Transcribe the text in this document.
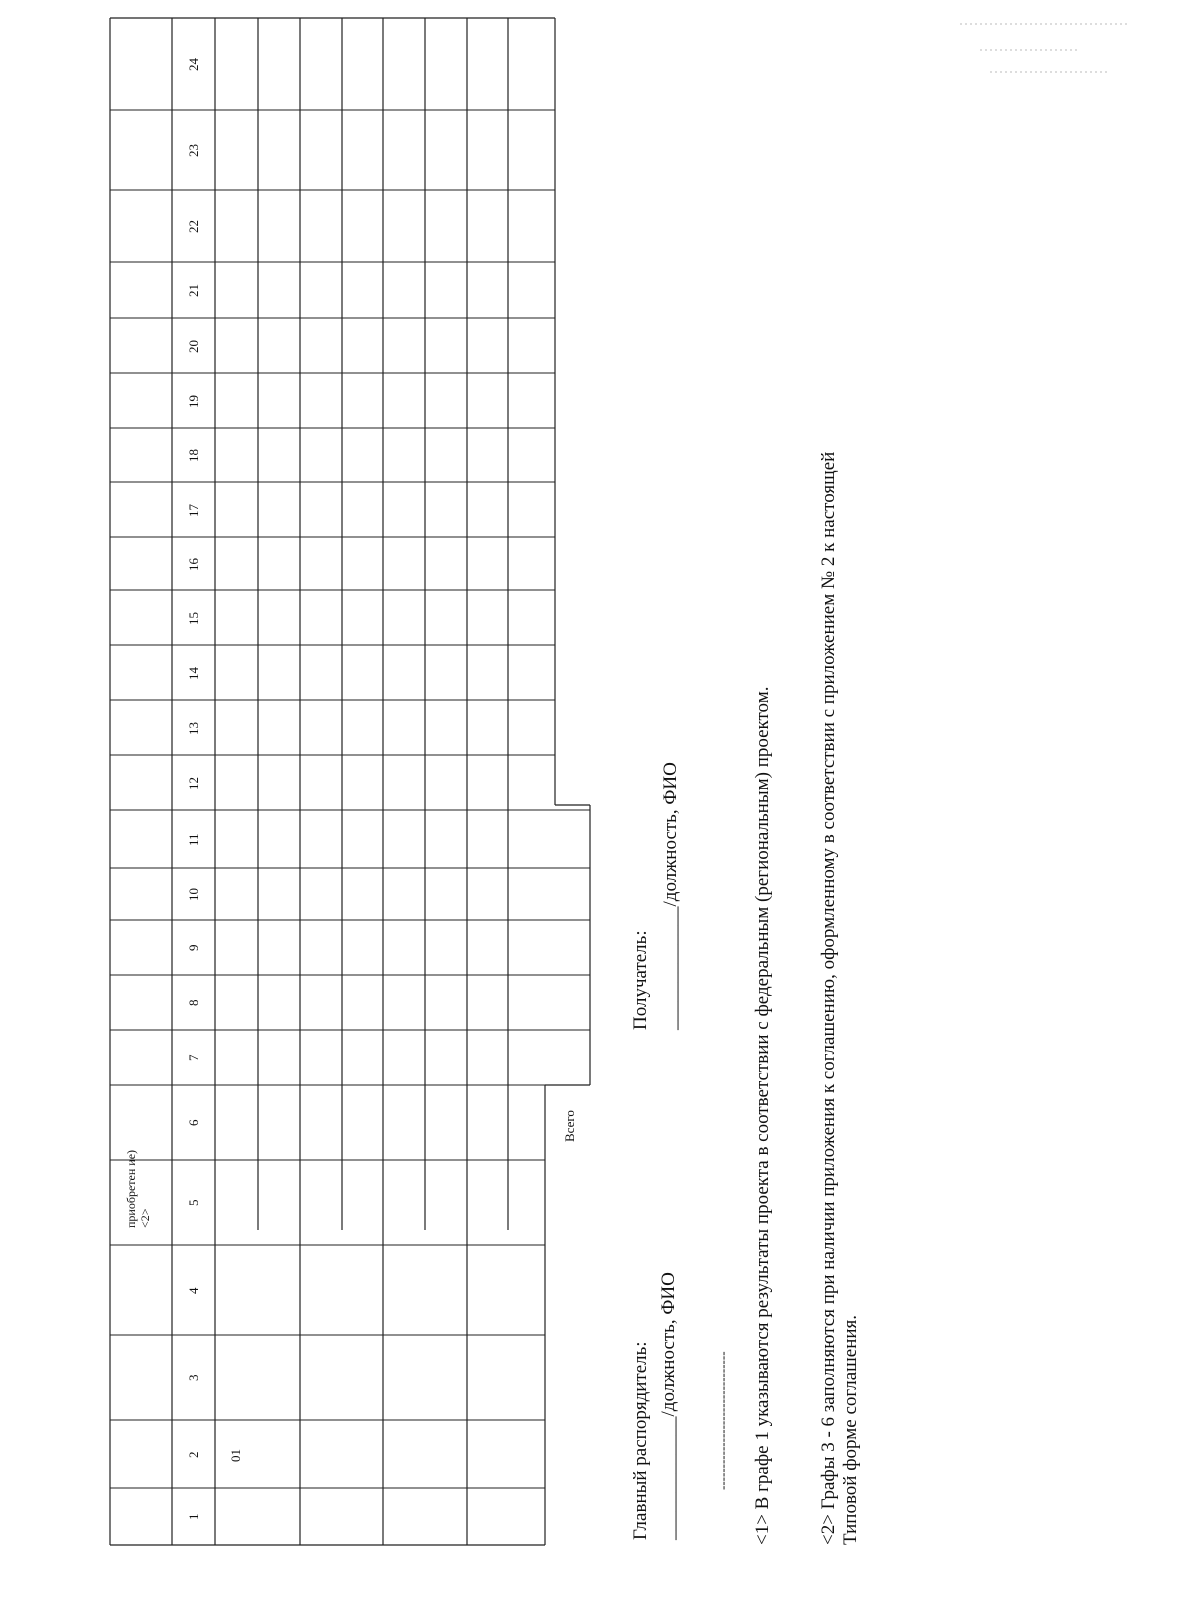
1
2
3
4
5
6
7
8
9
10
11
12
13
14
15
16
17
18
19
20
21
22
23
24
приобретен ие) <2>
01
Всего
Главный распорядитель: _____________/должность, ФИО
Получатель: _____________/должность, ФИО
-------------------------------- <1> В графе 1 указываются результаты проекта в соответствии с федеральным (региональным) проектом. <2> Графы 3 - 6 заполняются при наличии приложения к соглашению, оформленному в соответствии с приложением № 2 к настоящей Типовой форме соглашения.
